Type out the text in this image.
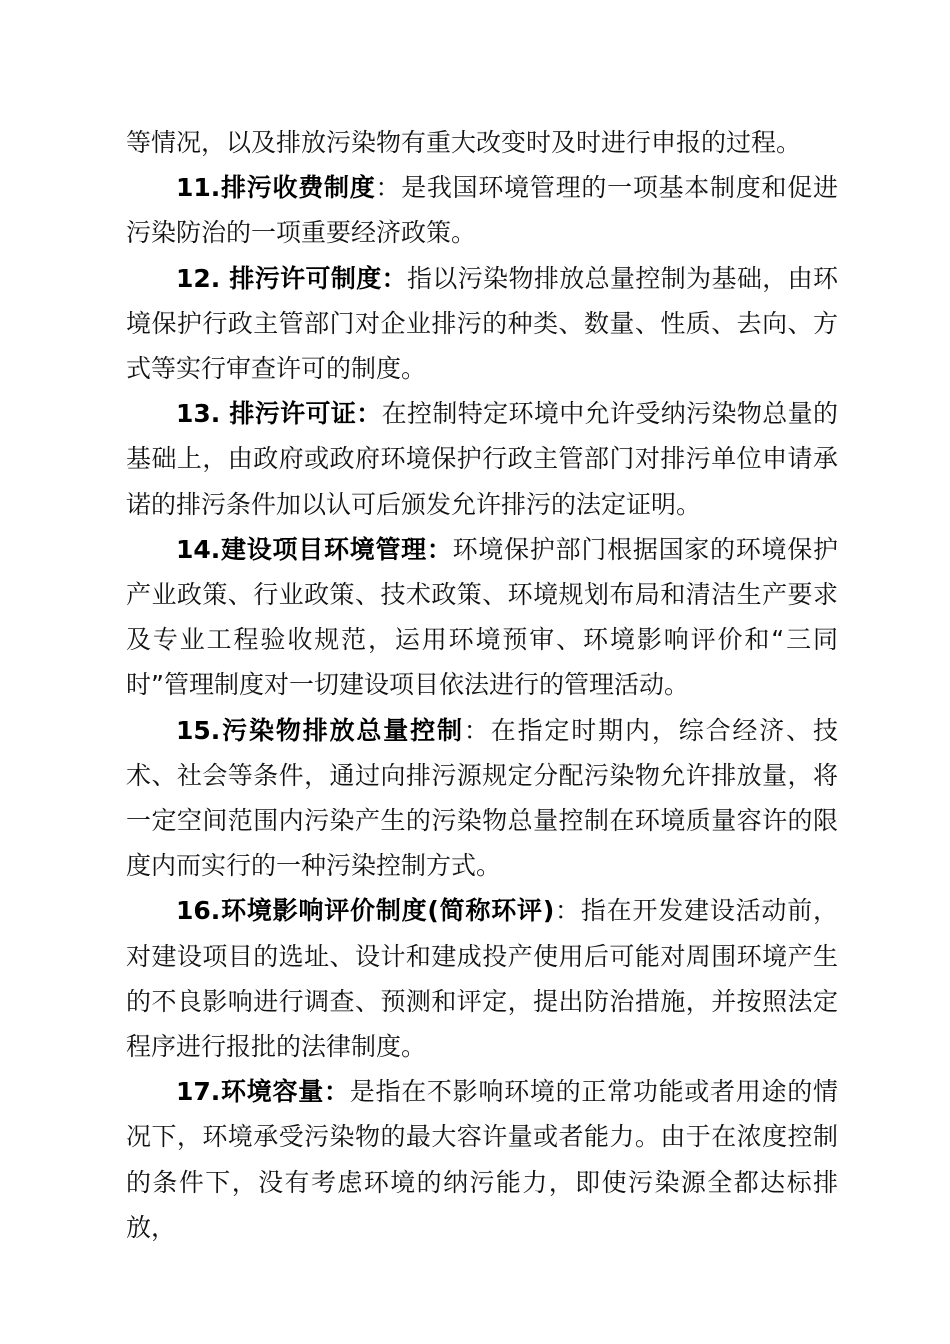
等情况，以及排放污染物有重大改变时及时进行申报的过程。

11.排污收费制度：是我国环境管理的一项基本制度和促进污染防治的一项重要经济政策。

12. 排污许可制度：指以污染物排放总量控制为基础，由环境保护行政主管部门对企业排污的种类、数量、性质、去向、方式等实行审查许可的制度。

13. 排污许可证：在控制特定环境中允许受纳污染物总量的基础上，由政府或政府环境保护行政主管部门对排污单位申请承诺的排污条件加以认可后颁发允许排污的法定证明。

14.建设项目环境管理：环境保护部门根据国家的环境保护产业政策、行业政策、技术政策、环境规划布局和清洁生产要求及专业工程验收规范，运用环境预审、环境影响评价和“三同时”管理制度对一切建设项目依法进行的管理活动。

15.污染物排放总量控制：在指定时期内，综合经济、技术、社会等条件，通过向排污源规定分配污染物允许排放量，将一定空间范围内污染产生的污染物总量控制在环境质量容许的限度内而实行的一种污染控制方式。

16.环境影响评价制度(简称环评)：指在开发建设活动前，对建设项目的选址、设计和建成投产使用后可能对周围环境产生的不良影响进行调查、预测和评定，提出防治措施，并按照法定程序进行报批的法律制度。

17.环境容量：是指在不影响环境的正常功能或者用途的情况下，环境承受污染物的最大容许量或者能力。由于在浓度控制的条件下，没有考虑环境的纳污能力，即使污染源全都达标排放，
